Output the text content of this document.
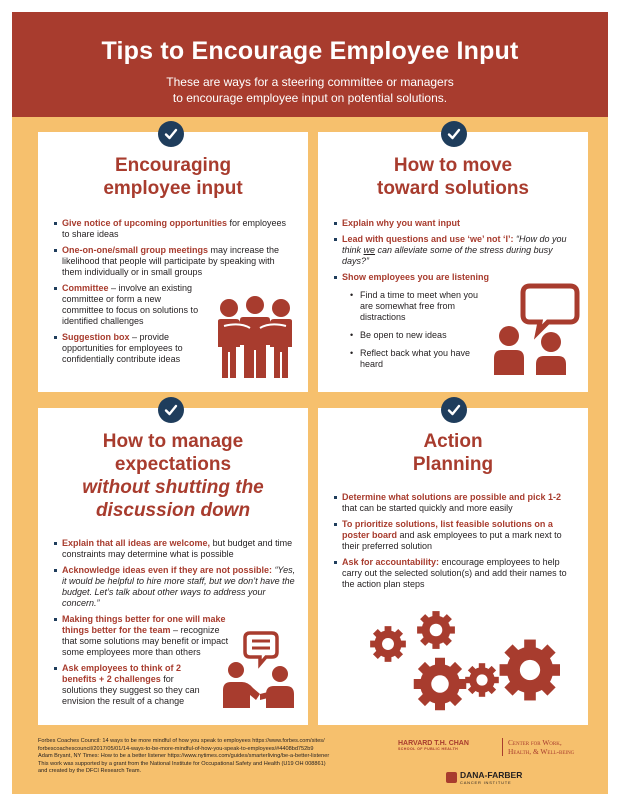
Tips to Encourage Employee Input
These are ways for a steering committee or managers
to encourage employee input on potential solutions.
Encouraging
employee input
Give notice of upcoming opportunities for employees to share ideas
One-on-one/small group meetings may increase the likelihood that people will participate by speaking with them individually or in small groups
Committee – involve an existing committee or form a new committee to focus on solutions to identified challenges
Suggestion box – provide opportunities for employees to confidentially contribute ideas
How to move
toward solutions
Explain why you want input
Lead with questions and use ‘we’ not ‘I’: “How do you think we can alleviate some of the stress during busy days?”
Show employees you are listening
• Find a time to meet when you are somewhat free from distractions
• Be open to new ideas
• Reflect back what you have heard
How to manage
expectations
without shutting the
discussion down
Explain that all ideas are welcome, but budget and time constraints may determine what is possible
Acknowledge ideas even if they are not possible: “Yes, it would be helpful to hire more staff, but we don’t have the budget. Let’s talk about other ways to address your concern.”
Making things better for one will make things better for the team – recognize that some solutions may benefit or impact some employees more than others
Ask employees to think of 2 benefits + 2 challenges for solutions they suggest so they can envision the result of a change
Action
Planning
Determine what solutions are possible and pick 1-2 that can be started quickly and more easily
To prioritize solutions, list feasible solutions on a poster board and ask employees to put a mark next to their preferred solution
Ask for accountability: encourage employees to help carry out the selected solution(s) and add their names to the action plan steps

Forbes Coaches Council: 14 ways to be more mindful of how you speak to employees https://www.forbes.com/sites/

forbescoachescouncil/2017/05/01/14-ways-to-be-more-mindful-of-how-you-speak-to-employees/#4408bd752b9

Adam Bryant, NY Times: How to be a better listener https://www.nytimes.com/guides/smarterliving/be-a-better-listener

This work was supported by a grant from the National Institute for Occupational Safety and Health (U19 OH 008861)

and created by the DFCI Research Team.

HARVARD T.H. CHAN
SCHOOL OF PUBLIC HEALTH
Center for Work,
Health, & Well-being
DANA-FARBER
CANCER INSTITUTE
